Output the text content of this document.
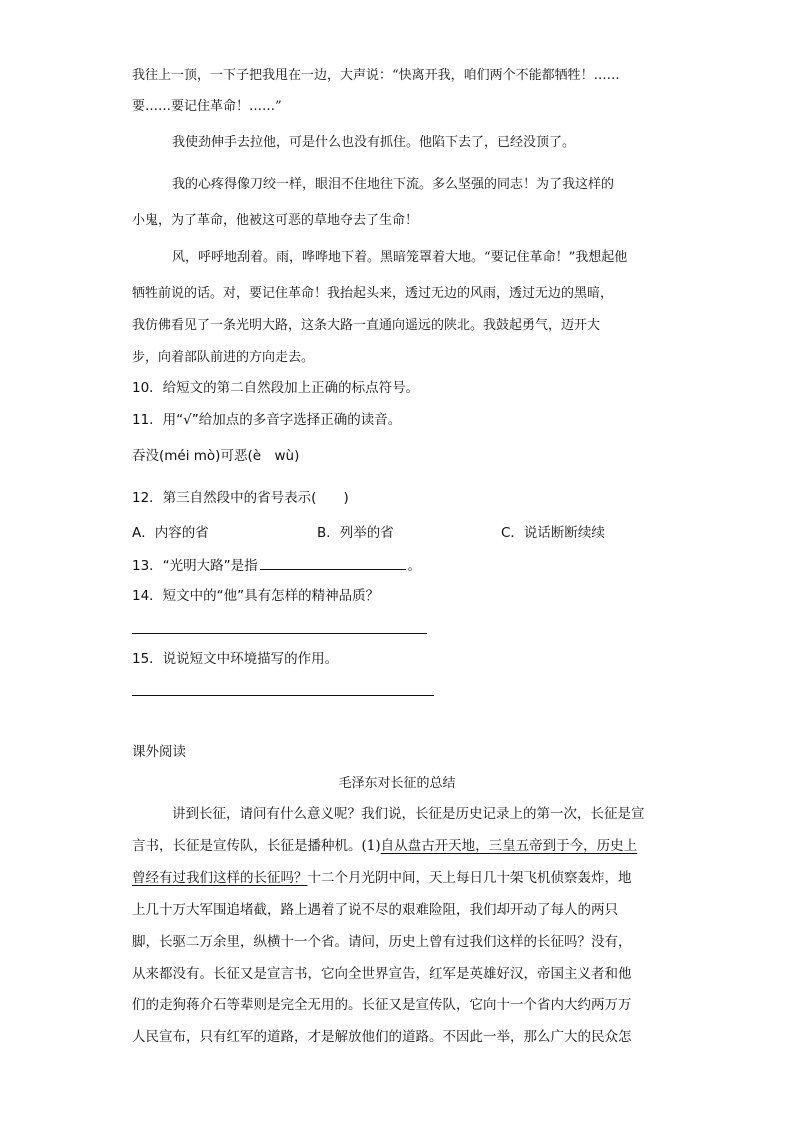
我往上一顶，一下子把我甩在一边，大声说：“快离开我，咱们两个不能都牺牲！……
要……要记住革命！……”
我使劲伸手去拉他，可是什么也没有抓住。他陷下去了，已经没顶了。
我的心疼得像刀绞一样，眼泪不住地往下流。多么坚强的同志！为了我这样的
小鬼，为了革命，他被这可恶的草地夺去了生命！
风，呼呼地刮着。雨，哗哗地下着。黑暗笼罩着大地。“要记住革命！”我想起他
牺牲前说的话。对，要记住革命！我抬起头来，透过无边的风雨，透过无边的黑暗，
我仿佛看见了一条光明大路，这条大路一直通向遥远的陕北。我鼓起勇气，迈开大
步，向着部队前进的方向走去。
10．给短文的第二自然段加上正确的标点符号。
11．用“√”给加点的多音字选择正确的读音。
吞没(méi mò)可恶(è　wù)
12．第三自然段中的省号表示(　　)
A．内容的省	B．列举的省	C．说话断断续续
13．“光明大路”是指	。
14．短文中的“他”具有怎样的精神品质？
15．说说短文中环境描写的作用。
课外阅读
毛泽东对长征的总结
讲到长征，请问有什么意义呢？我们说，长征是历史记录上的第一次，长征是宣
言书，长征是宣传队，长征是播种机。(1)自从盘古开天地，三皇五帝到于今，历史上
曾经有过我们这样的长征吗？十二个月光阴中间，天上每日几十架飞机侦察轰炸，地
上几十万大军围追堵截，路上遇着了说不尽的艰难险阻，我们却开动了每人的两只
脚，长驱二万余里，纵横十一个省。请问，历史上曾有过我们这样的长征吗？没有，
从来都没有。长征又是宣言书，它向全世界宣告，红军是英雄好汉，帝国主义者和他
们的走狗蒋介石等辈则是完全无用的。长征又是宣传队，它向十一个省内大约两万万
人民宣布，只有红军的道路，才是解放他们的道路。不因此一举，那么广大的民众怎
